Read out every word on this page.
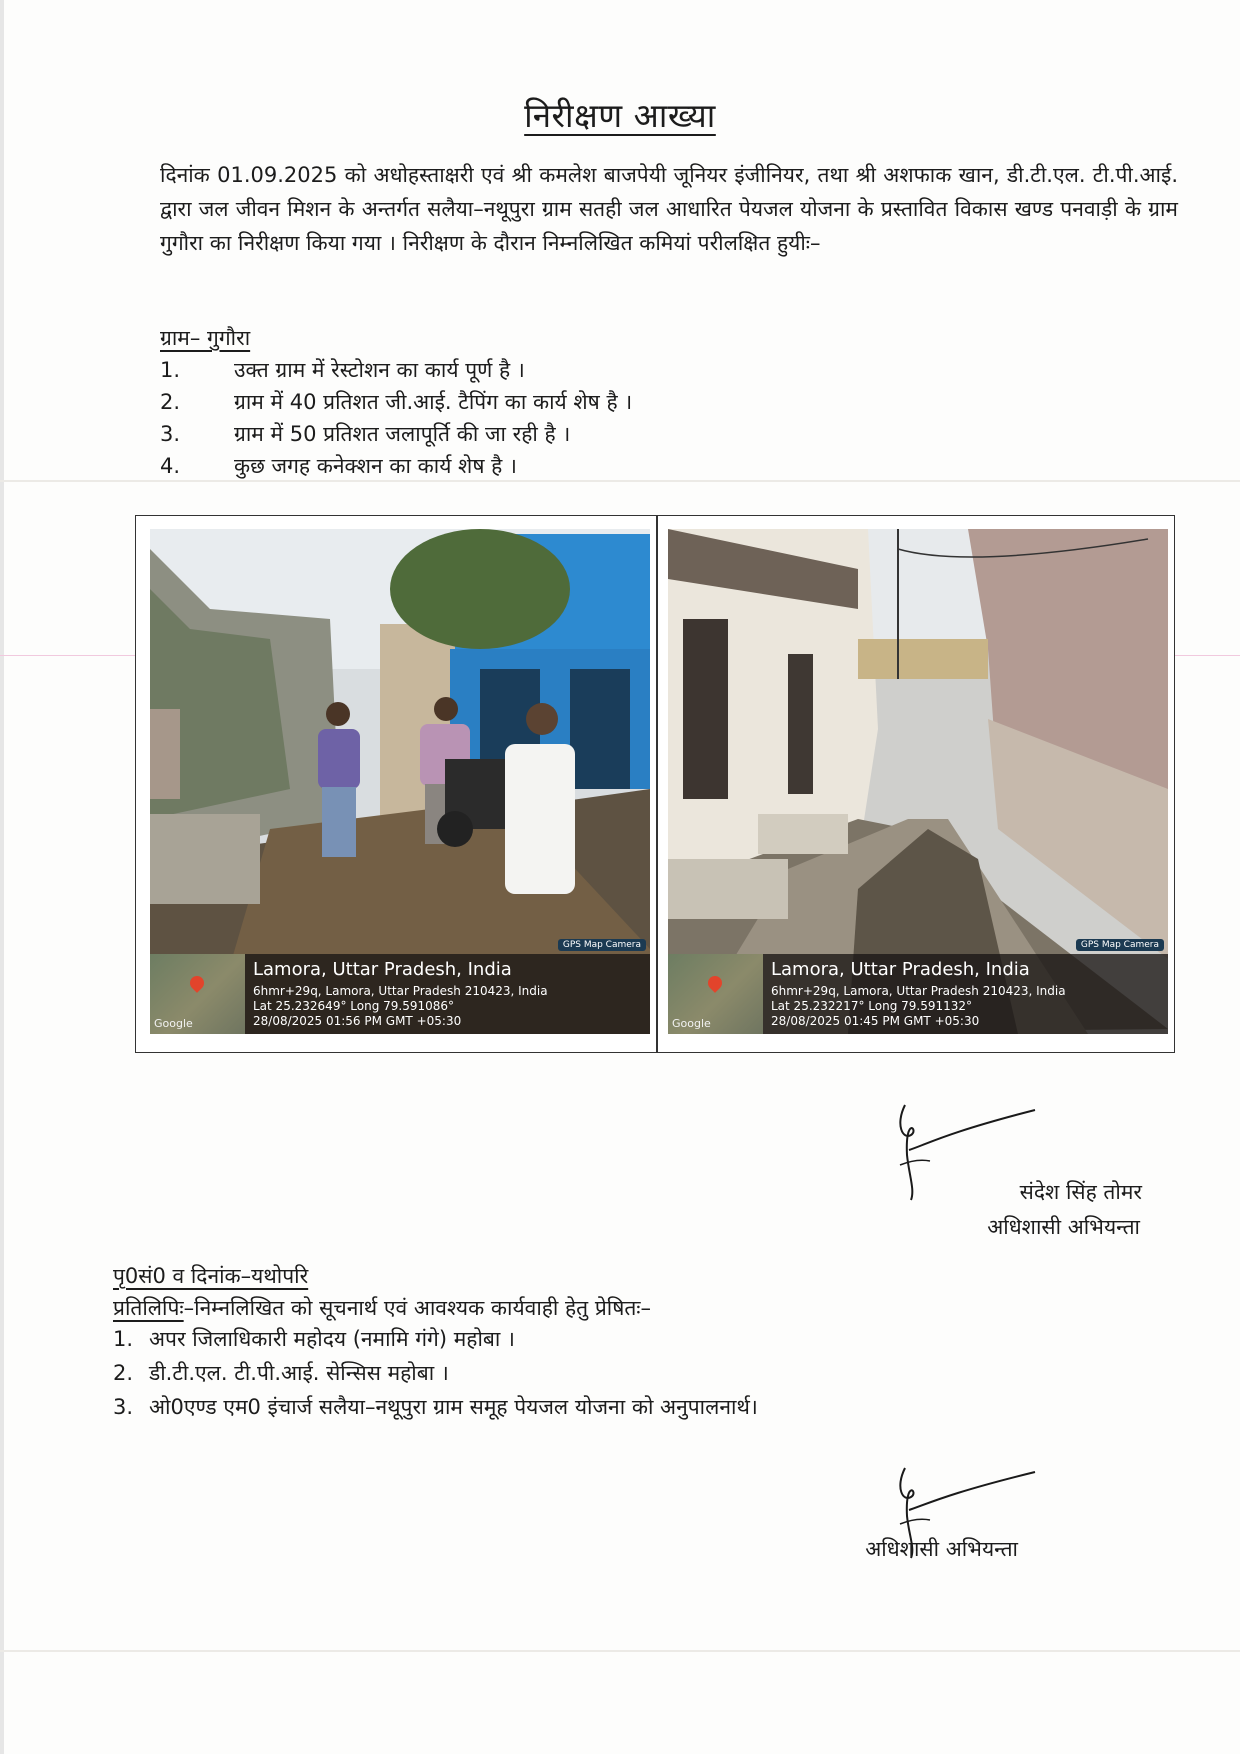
निरीक्षण आख्या
दिनांक 01.09.2025 को अधोहस्ताक्षरी एवं श्री कमलेश बाजपेयी जूनियर इंजीनियर, तथा श्री अशफाक खान, डी.टी.एल. टी.पी.आई. द्वारा जल जीवन मिशन के अन्तर्गत सलैया–नथूपुरा ग्राम सतही जल आधारित पेयजल योजना के प्रस्तावित विकास खण्ड पनवाड़ी के ग्राम गुगौरा का निरीक्षण किया गया । निरीक्षण के दौरान निम्नलिखित कमियां परीलक्षित हुयीः–
ग्राम– गुगौरा
1.	उक्त ग्राम में रेस्टोशन का कार्य पूर्ण है ।
2.	ग्राम में 40 प्रतिशत जी.आई. टैपिंग का कार्य शेष है ।
3.	ग्राम में 50 प्रतिशत जलापूर्ति की जा रही है ।
4.	कुछ जगह कनेक्शन का कार्य शेष है ।
GPS Map Camera
Google
Lamora, Uttar Pradesh, India
6hmr+29q, Lamora, Uttar Pradesh 210423, India
Lat 25.232649° Long 79.591086°
28/08/2025 01:56 PM GMT +05:30
GPS Map Camera
Google
Lamora, Uttar Pradesh, India
6hmr+29q, Lamora, Uttar Pradesh 210423, India
Lat 25.232217° Long 79.591132°
28/08/2025 01:45 PM GMT +05:30
संदेश सिंह तोमर
अधिशासी अभियन्ता
पृ0सं0 व दिनांक–यथोपरि
प्रतिलिपिः–निम्नलिखित को सूचनार्थ एवं आवश्यक कार्यवाही हेतु प्रेषितः–
1. अपर जिलाधिकारी महोदय (नमामि गंगे) महोबा ।
2. डी.टी.एल. टी.पी.आई. सेन्सिस महोबा ।
3. ओ0एण्ड एम0 इंचार्ज सलैया–नथूपुरा ग्राम समूह पेयजल योजना को अनुपालनार्थ।
अधिशासी अभियन्ता
